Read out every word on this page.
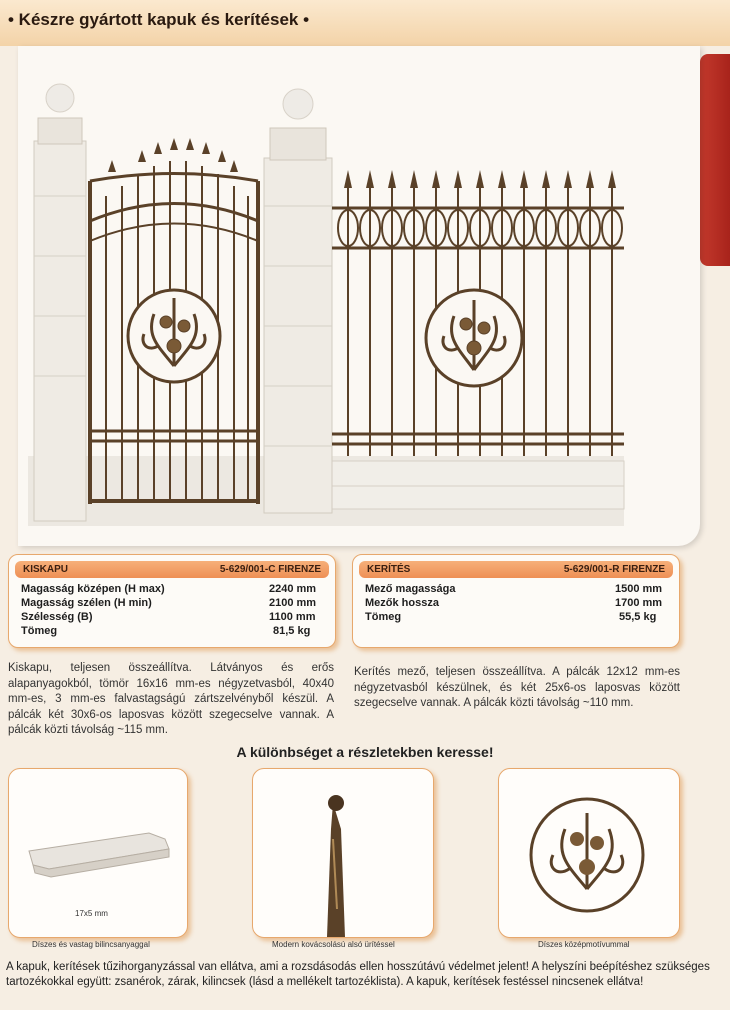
• Készre gyártott kapuk és kerítések •
KISKAPU	5-629/001-C FIRENZE
Magasság középen (H max)	2240 mm
Magasság szélen (H min)	2100 mm
Szélesség (B)	1100 mm
Tömeg	81,5 kg
KERÍTÉS	5-629/001-R FIRENZE
Mező magassága	1500 mm
Mezők hossza	1700 mm
Tömeg	55,5 kg
Kiskapu, teljesen összeállítva. Látványos és erős alapanyagokból, tömör 16x16 mm-es négyzetvasból, 40x40 mm-es, 3 mm-es falvastagságú zártszelvényből készül. A pálcák két 30x6-os laposvas között szegecselve vannak. A pálcák közti távolság ~115 mm.
Kerítés mező, teljesen összeállítva. A pálcák 12x12 mm-es négyzetvasból készülnek, és két 25x6-os laposvas között szegecselve vannak. A pálcák közti távolság ~110 mm.
A különbséget a részletekben keresse!
17x5 mm
Díszes és vastag bilincsanyaggal	Modern kovácsolású alsó ürítéssel	Díszes középmotívummal
A kapuk, kerítések tűzihorganyzással van ellátva, ami a rozsdásodás ellen hosszútávú védelmet jelent! A helyszíni beépítéshez szükséges tartozékokkal együtt: zsanérok, zárak, kilincsek (lásd a mellékelt tartozéklista). A kapuk, kerítések festéssel nincsenek ellátva!
